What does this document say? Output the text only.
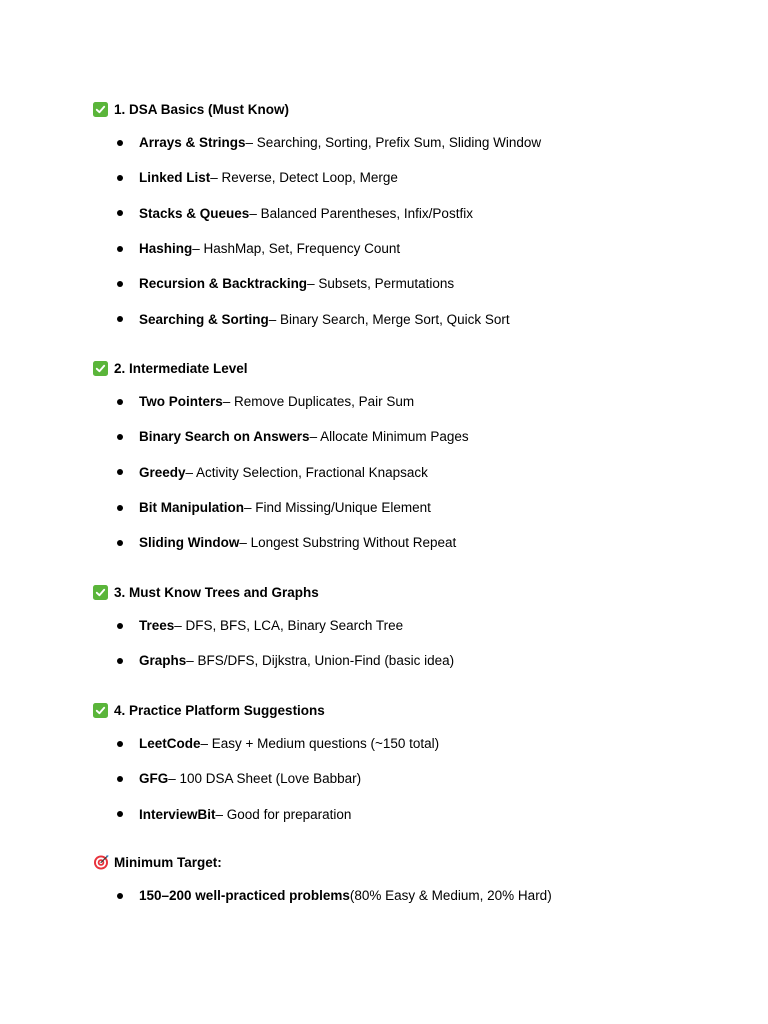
1. DSA Basics (Must Know)
Arrays & Strings – Searching, Sorting, Prefix Sum, Sliding Window
Linked List – Reverse, Detect Loop, Merge
Stacks & Queues – Balanced Parentheses, Infix/Postfix
Hashing – HashMap, Set, Frequency Count
Recursion & Backtracking – Subsets, Permutations
Searching & Sorting – Binary Search, Merge Sort, Quick Sort
2. Intermediate Level
Two Pointers – Remove Duplicates, Pair Sum
Binary Search on Answers – Allocate Minimum Pages
Greedy – Activity Selection, Fractional Knapsack
Bit Manipulation – Find Missing/Unique Element
Sliding Window – Longest Substring Without Repeat
3. Must Know Trees and Graphs
Trees – DFS, BFS, LCA, Binary Search Tree
Graphs – BFS/DFS, Dijkstra, Union-Find (basic idea)
4. Practice Platform Suggestions
LeetCode – Easy + Medium questions (~150 total)
GFG – 100 DSA Sheet (Love Babbar)
InterviewBit – Good for preparation
Minimum Target:
150–200 well-practiced problems (80% Easy & Medium, 20% Hard)
